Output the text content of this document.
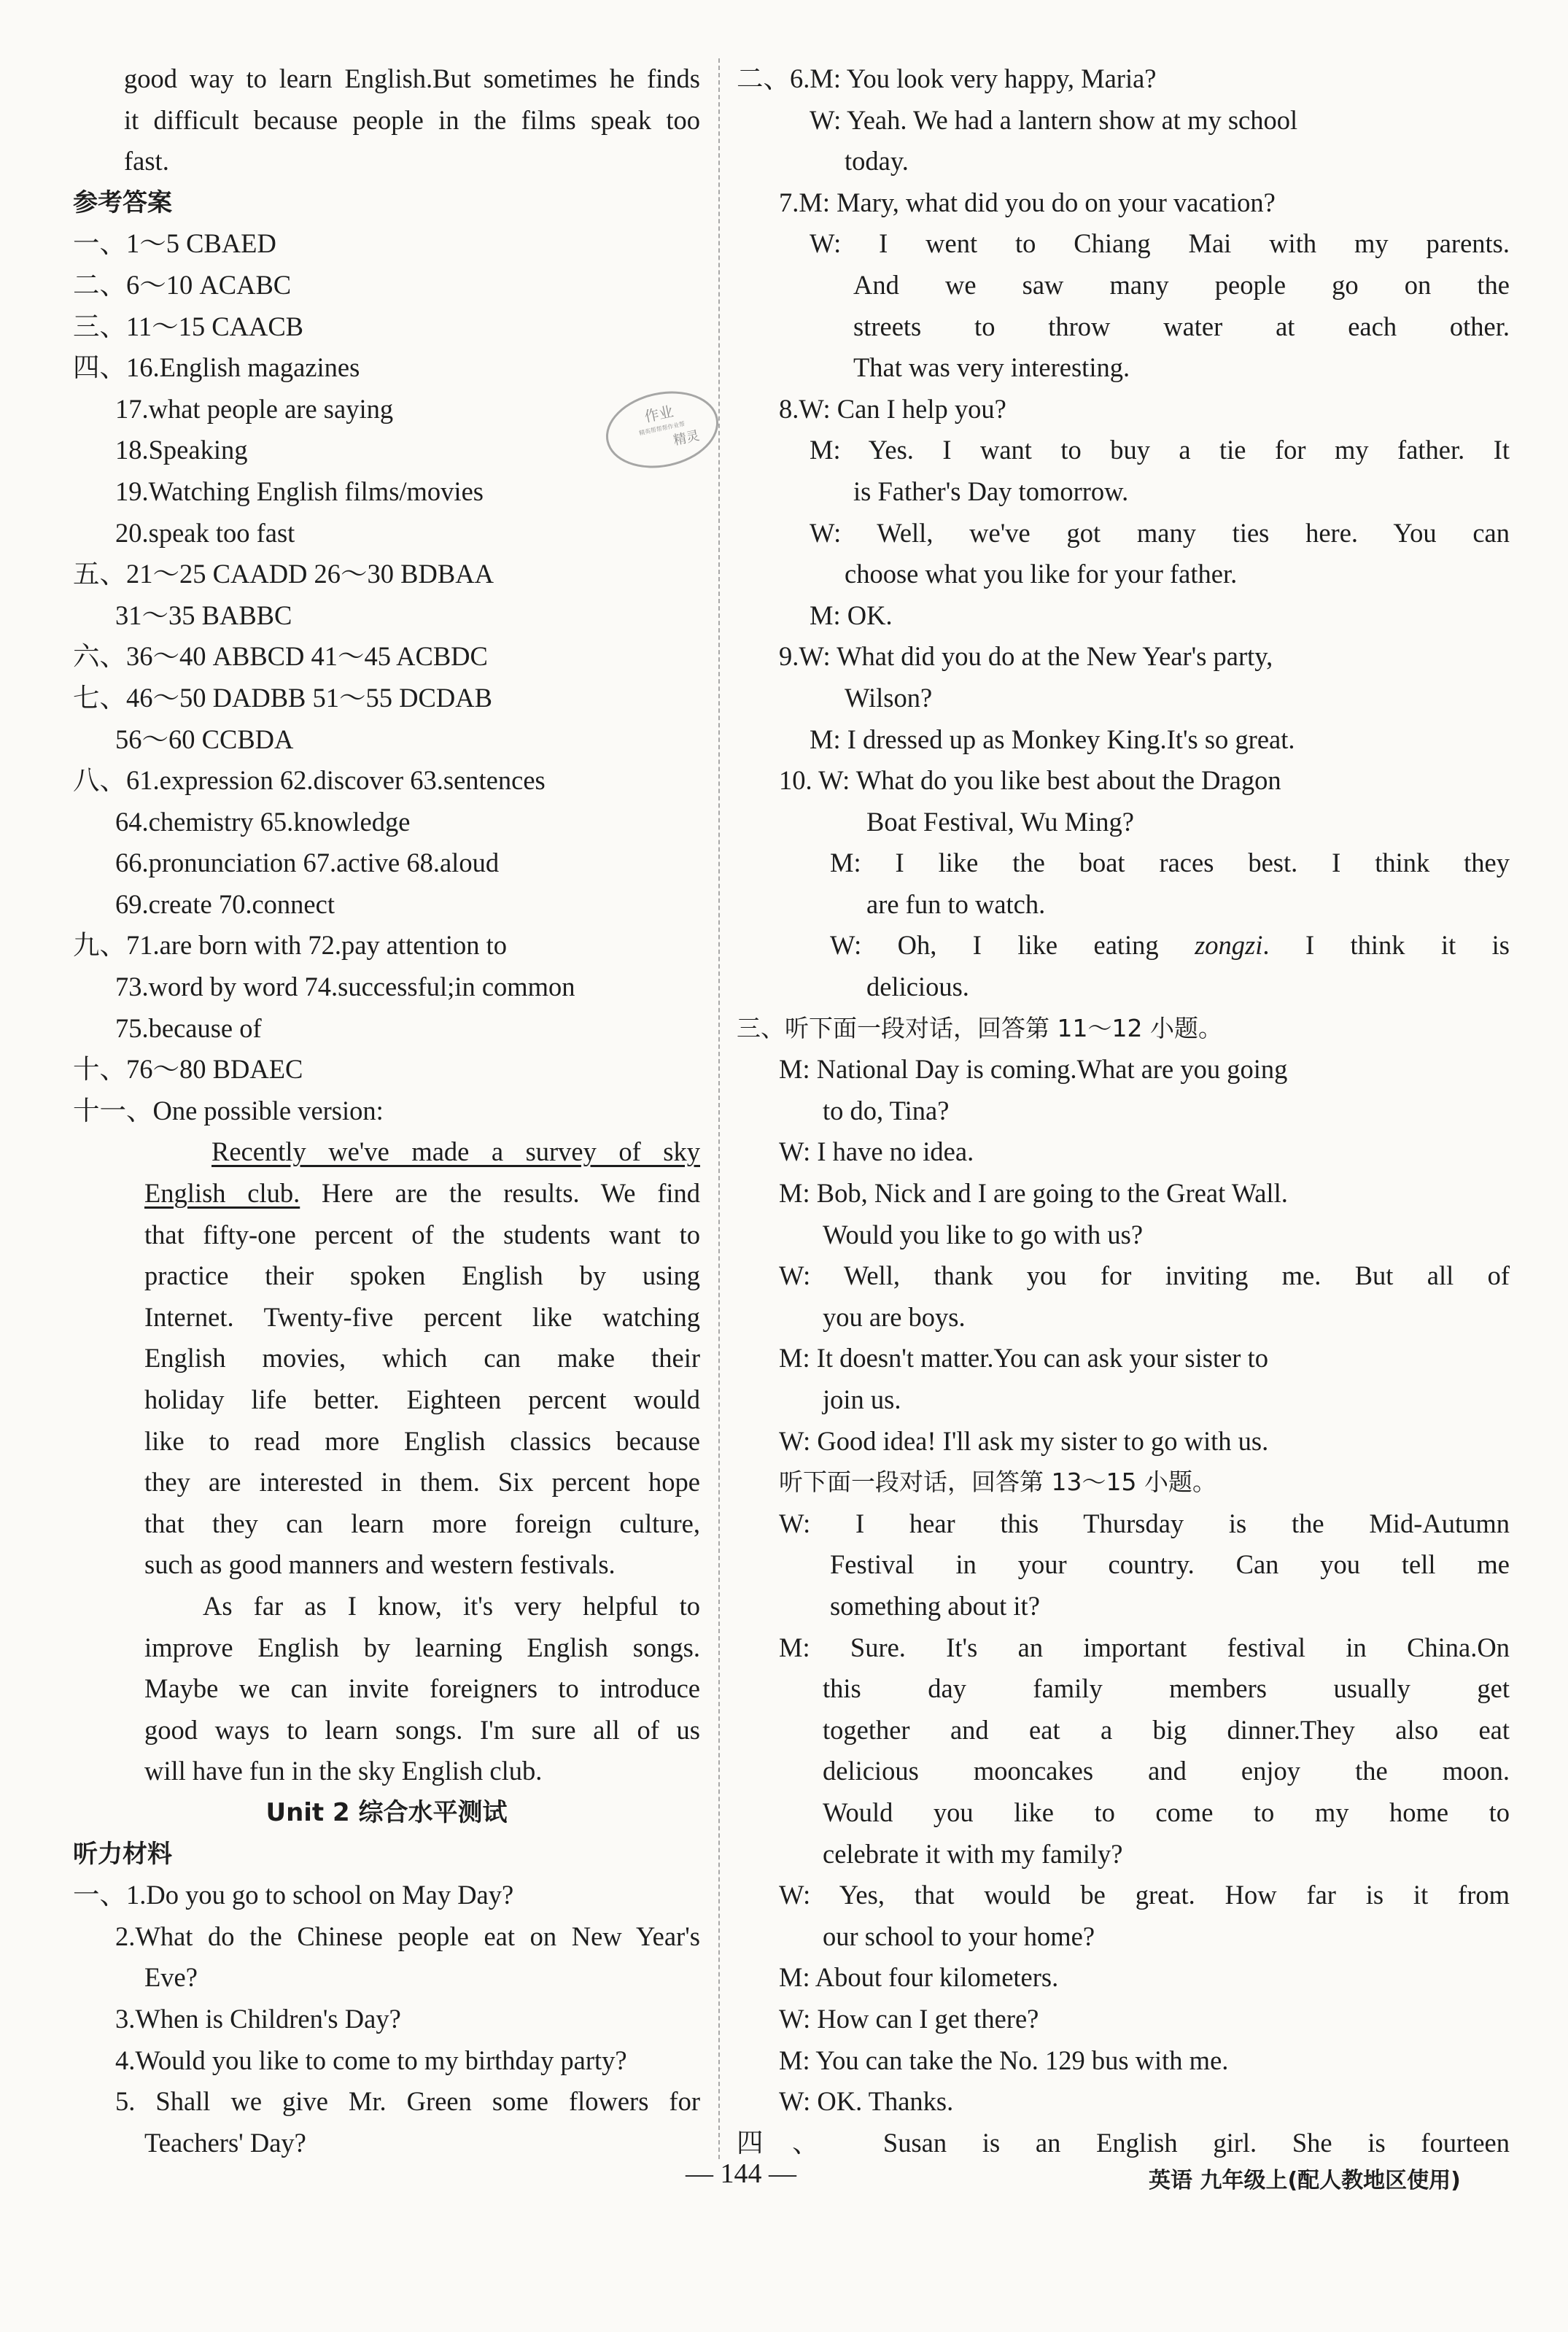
good way to learn English.But sometimes he finds
it difficult because people in the films speak too
fast.
参考答案
一、1～5 CBAED
二、6～10 ACABC
三、11～15 CAACB
四、16.English magazines
17.what people are saying
18.Speaking
19.Watching English films/movies
20.speak too fast
五、21～25 CAADD 26～30 BDBAA
31～35 BABBC
六、36～40 ABBCD 41～45 ACBDC
七、46～50 DADBB 51～55 DCDAB
56～60 CCBDA
八、61.expression 62.discover 63.sentences
64.chemistry 65.knowledge
66.pronunciation 67.active 68.aloud
69.create 70.connect
九、71.are born with 72.pay attention to
73.word by word 74.successful;in common
75.because of
十、76～80 BDAEC
十一、One possible version:
Recently we've made a survey of sky
English club. Here are the results. We find
that fifty-one percent of the students want to
practice their spoken English by using
Internet. Twenty-five percent like watching
English movies, which can make their
holiday life better. Eighteen percent would
like to read more English classics because
they are interested in them. Six percent hope
that they can learn more foreign culture,
such as good manners and western festivals.
As far as I know, it's very helpful to
improve English by learning English songs.
Maybe we can invite foreigners to introduce
good ways to learn songs. I'm sure all of us
will have fun in the sky English club.
Unit 2 综合水平测试
听力材料
一、1.Do you go to school on May Day?
2.What do the Chinese people eat on New Year's
Eve?
3.When is Children's Day?
4.Would you like to come to my birthday party?
5. Shall we give Mr. Green some flowers for
Teachers' Day?
二、6.M: You look very happy, Maria?
W: Yeah. We had a lantern show at my school
today.
7.M: Mary, what did you do on your vacation?
W: I went to Chiang Mai with my parents.
And we saw many people go on the
streets to throw water at each other.
That was very interesting.
8.W: Can I help you?
M: Yes. I want to buy a tie for my father. It
is Father's Day tomorrow.
W: Well, we've got many ties here. You can
choose what you like for your father.
M: OK.
9.W: What did you do at the New Year's party,
Wilson?
M: I dressed up as Monkey King.It's so great.
10. W: What do you like best about the Dragon
Boat Festival, Wu Ming?
M: I like the boat races best. I think they
are fun to watch.
W: Oh, I like eating zongzi. I think it is
delicious.
三、听下面一段对话，回答第 11～12 小题。
M: National Day is coming.What are you going
to do, Tina?
W: I have no idea.
M: Bob, Nick and I are going to the Great Wall.
Would you like to go with us?
W: Well, thank you for inviting me. But all of
you are boys.
M: It doesn't matter.You can ask your sister to
join us.
W: Good idea! I'll ask my sister to go with us.
听下面一段对话，回答第 13～15 小题。
W: I hear this Thursday is the Mid-Autumn
Festival in your country. Can you tell me
something about it?
M: Sure. It's an important festival in China.On
this day family members usually get
together and eat a big dinner.They also eat
delicious mooncakes and enjoy the moon.
Would you like to come to my home to
celebrate it with my family?
W: Yes, that would be great. How far is it from
our school to your home?
M: About four kilometers.
W: How can I get there?
M: You can take the No. 129 bus with me.
W: OK. Thanks.
四、 Susan is an English girl. She is fourteen
作业
精英帮帮帮作业帮
精灵
— 144 —	英语 九年级上(配人教地区使用)
